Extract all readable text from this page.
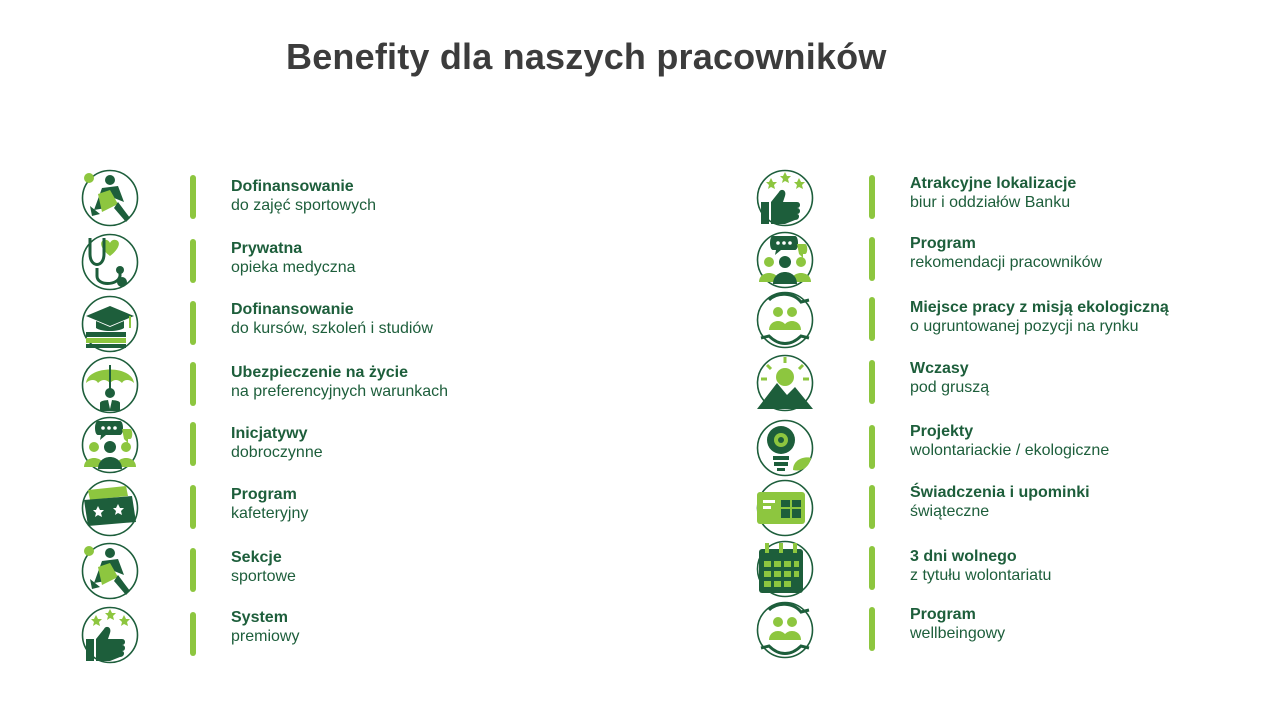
Benefity dla naszych pracowników
Dofinansowanie
do zajęć sportowych
Prywatna
opieka medyczna
Dofinansowanie
do kursów, szkoleń i studiów
Ubezpieczenie na życie
na preferencyjnych warunkach
Inicjatywy
dobroczynne
Program
kafeteryjny
Sekcje
sportowe
System
premiowy
Atrakcyjne lokalizacje
biur i oddziałów Banku
Program
rekomendacji pracowników
Miejsce pracy z misją ekologiczną
o ugruntowanej pozycji na rynku
Wczasy
pod gruszą
Projekty
wolontariackie / ekologiczne
Świadczenia i upominki
świąteczne
3 dni wolnego
z tytułu wolontariatu
Program
wellbeingowy
